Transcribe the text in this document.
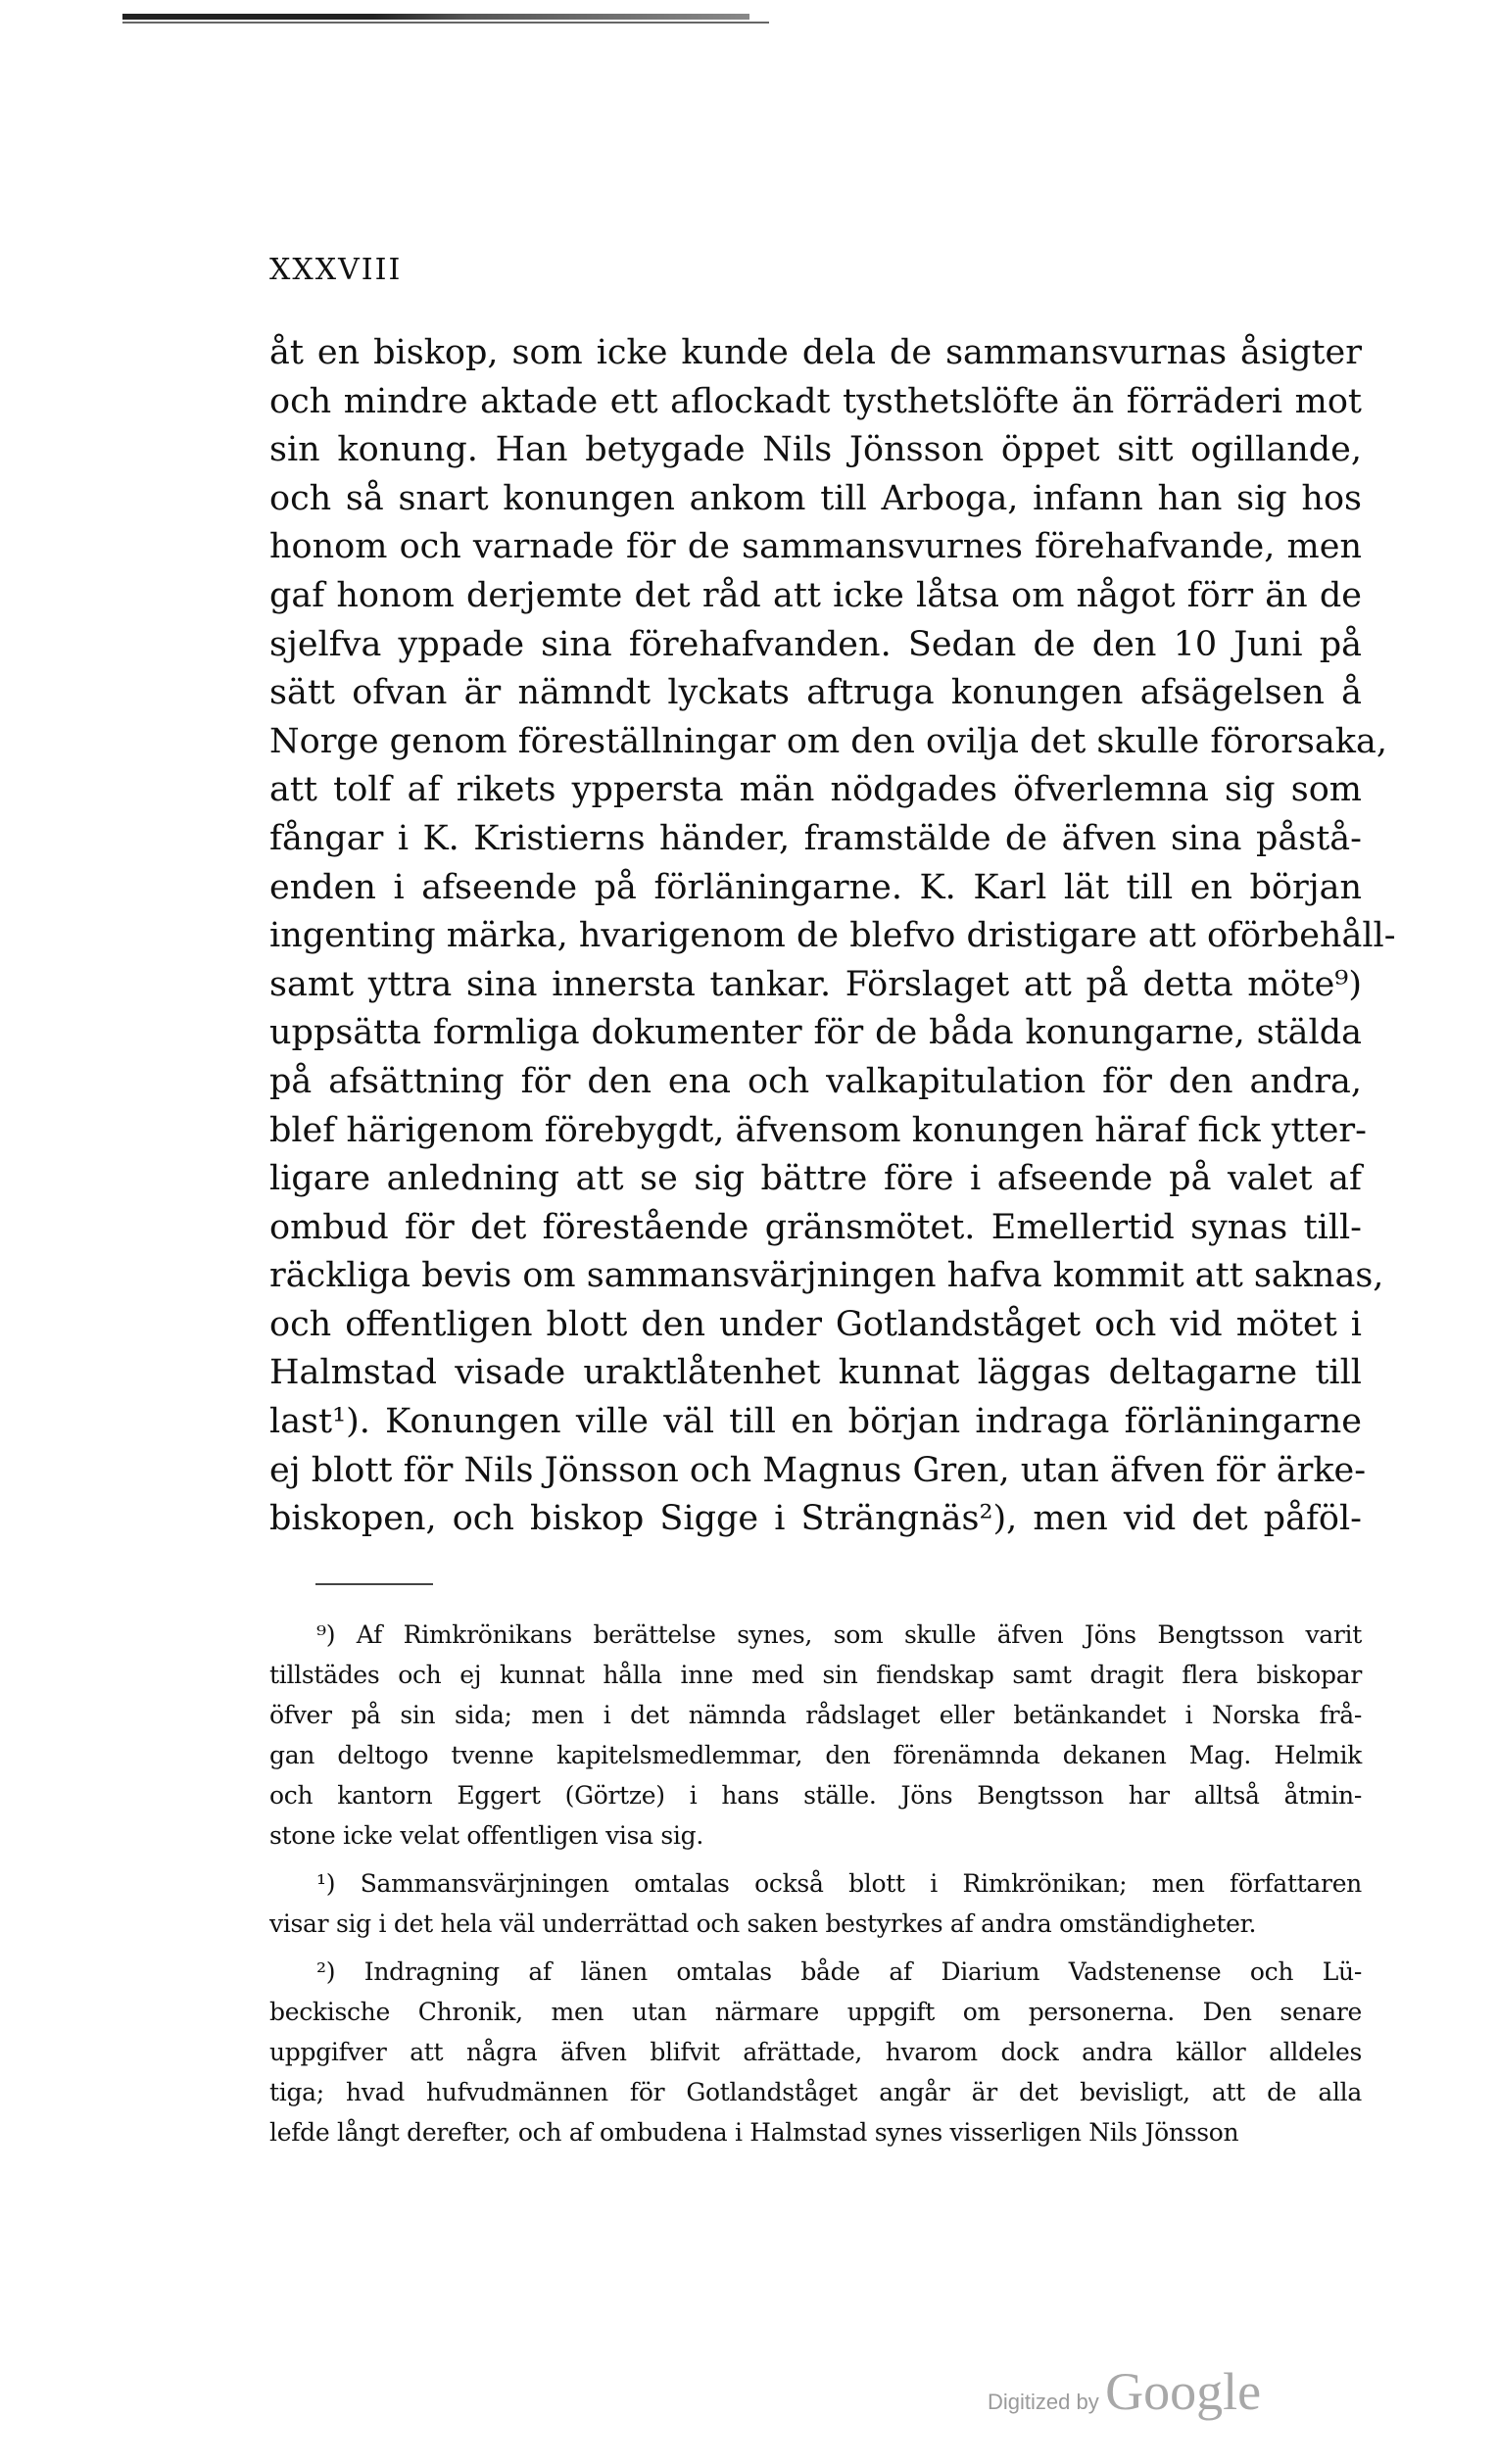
XXXVIII
åt en biskop, som icke kunde dela de sammansvurnas åsigter
och mindre aktade ett aflockadt tysthetslöfte än förräderi mot
sin konung. Han betygade Nils Jönsson öppet sitt ogillande,
och så snart konungen ankom till Arboga, infann han sig hos
honom och varnade för de sammansvurnes förehafvande, men
gaf honom derjemte det råd att icke låtsa om något förr än de
sjelfva yppade sina förehafvanden. Sedan de den 10 Juni på
sätt ofvan är nämndt lyckats aftruga konungen afsägelsen å
Norge genom föreställningar om den ovilja det skulle förorsaka,
att tolf af rikets yppersta män nödgades öfverlemna sig som
fångar i K. Kristierns händer, framstälde de äfven sina påstå-
enden i afseende på förläningarne. K. Karl lät till en början
ingenting märka, hvarigenom de blefvo dristigare att oförbehåll-
samt yttra sina innersta tankar. Förslaget att på detta möte⁹)
uppsätta formliga dokumenter för de båda konungarne, stälda
på afsättning för den ena och valkapitulation för den andra,
blef härigenom förebygdt, äfvensom konungen häraf fick ytter-
ligare anledning att se sig bättre före i afseende på valet af
ombud för det förestående gränsmötet. Emellertid synas till-
räckliga bevis om sammansvärjningen hafva kommit att saknas,
och offentligen blott den under Gotlandståget och vid mötet i
Halmstad visade uraktlåtenhet kunnat läggas deltagarne till
last¹). Konungen ville väl till en början indraga förläningarne
ej blott för Nils Jönsson och Magnus Gren, utan äfven för ärke-
biskopen, och biskop Sigge i Strängnäs²), men vid det påföl-
⁹) Af Rimkrönikans berättelse synes, som skulle äfven Jöns Bengtsson varit
tillstädes och ej kunnat hålla inne med sin fiendskap samt dragit flera biskopar
öfver på sin sida; men i det nämnda rådslaget eller betänkandet i Norska frå-
gan deltogo tvenne kapitelsmedlemmar, den förenämnda dekanen Mag. Helmik
och kantorn Eggert (Görtze) i hans ställe. Jöns Bengtsson har alltså åtmin-
stone icke velat offentligen visa sig.
¹) Sammansvärjningen omtalas också blott i Rimkrönikan; men författaren
visar sig i det hela väl underrättad och saken bestyrkes af andra omständigheter.
²) Indragning af länen omtalas både af Diarium Vadstenense och Lü-
beckische Chronik, men utan närmare uppgift om personerna. Den senare
uppgifver att några äfven blifvit afrättade, hvarom dock andra källor alldeles
tiga; hvad hufvudmännen för Gotlandståget angår är det bevisligt, att de alla
lefde långt derefter, och af ombudena i Halmstad synes visserligen Nils Jönsson
Digitized by Google
